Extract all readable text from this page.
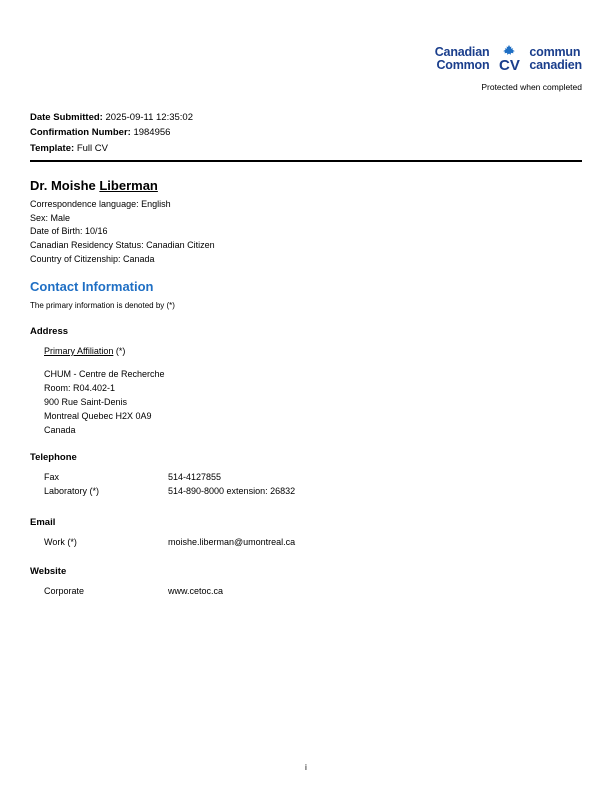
Canadian
Common CV
commun
canadien
Protected when completed
Date Submitted: 2025-09-11 12:35:02
Confirmation Number: 1984956
Template: Full CV
Dr. Moishe Liberman
Correspondence language: English
Sex: Male
Date of Birth: 10/16
Canadian Residency Status: Canadian Citizen
Country of Citizenship: Canada
Contact Information
The primary information is denoted by (*)
Address
Primary Affiliation (*)
CHUM - Centre de Recherche
Room: R04.402-1
900 Rue Saint-Denis
Montreal Quebec H2X 0A9
Canada
Telephone
Fax	514-4127855
Laboratory (*)	514-890-8000 extension: 26832
Email
Work (*)	moishe.liberman@umontreal.ca
Website
Corporate	www.cetoc.ca
i
